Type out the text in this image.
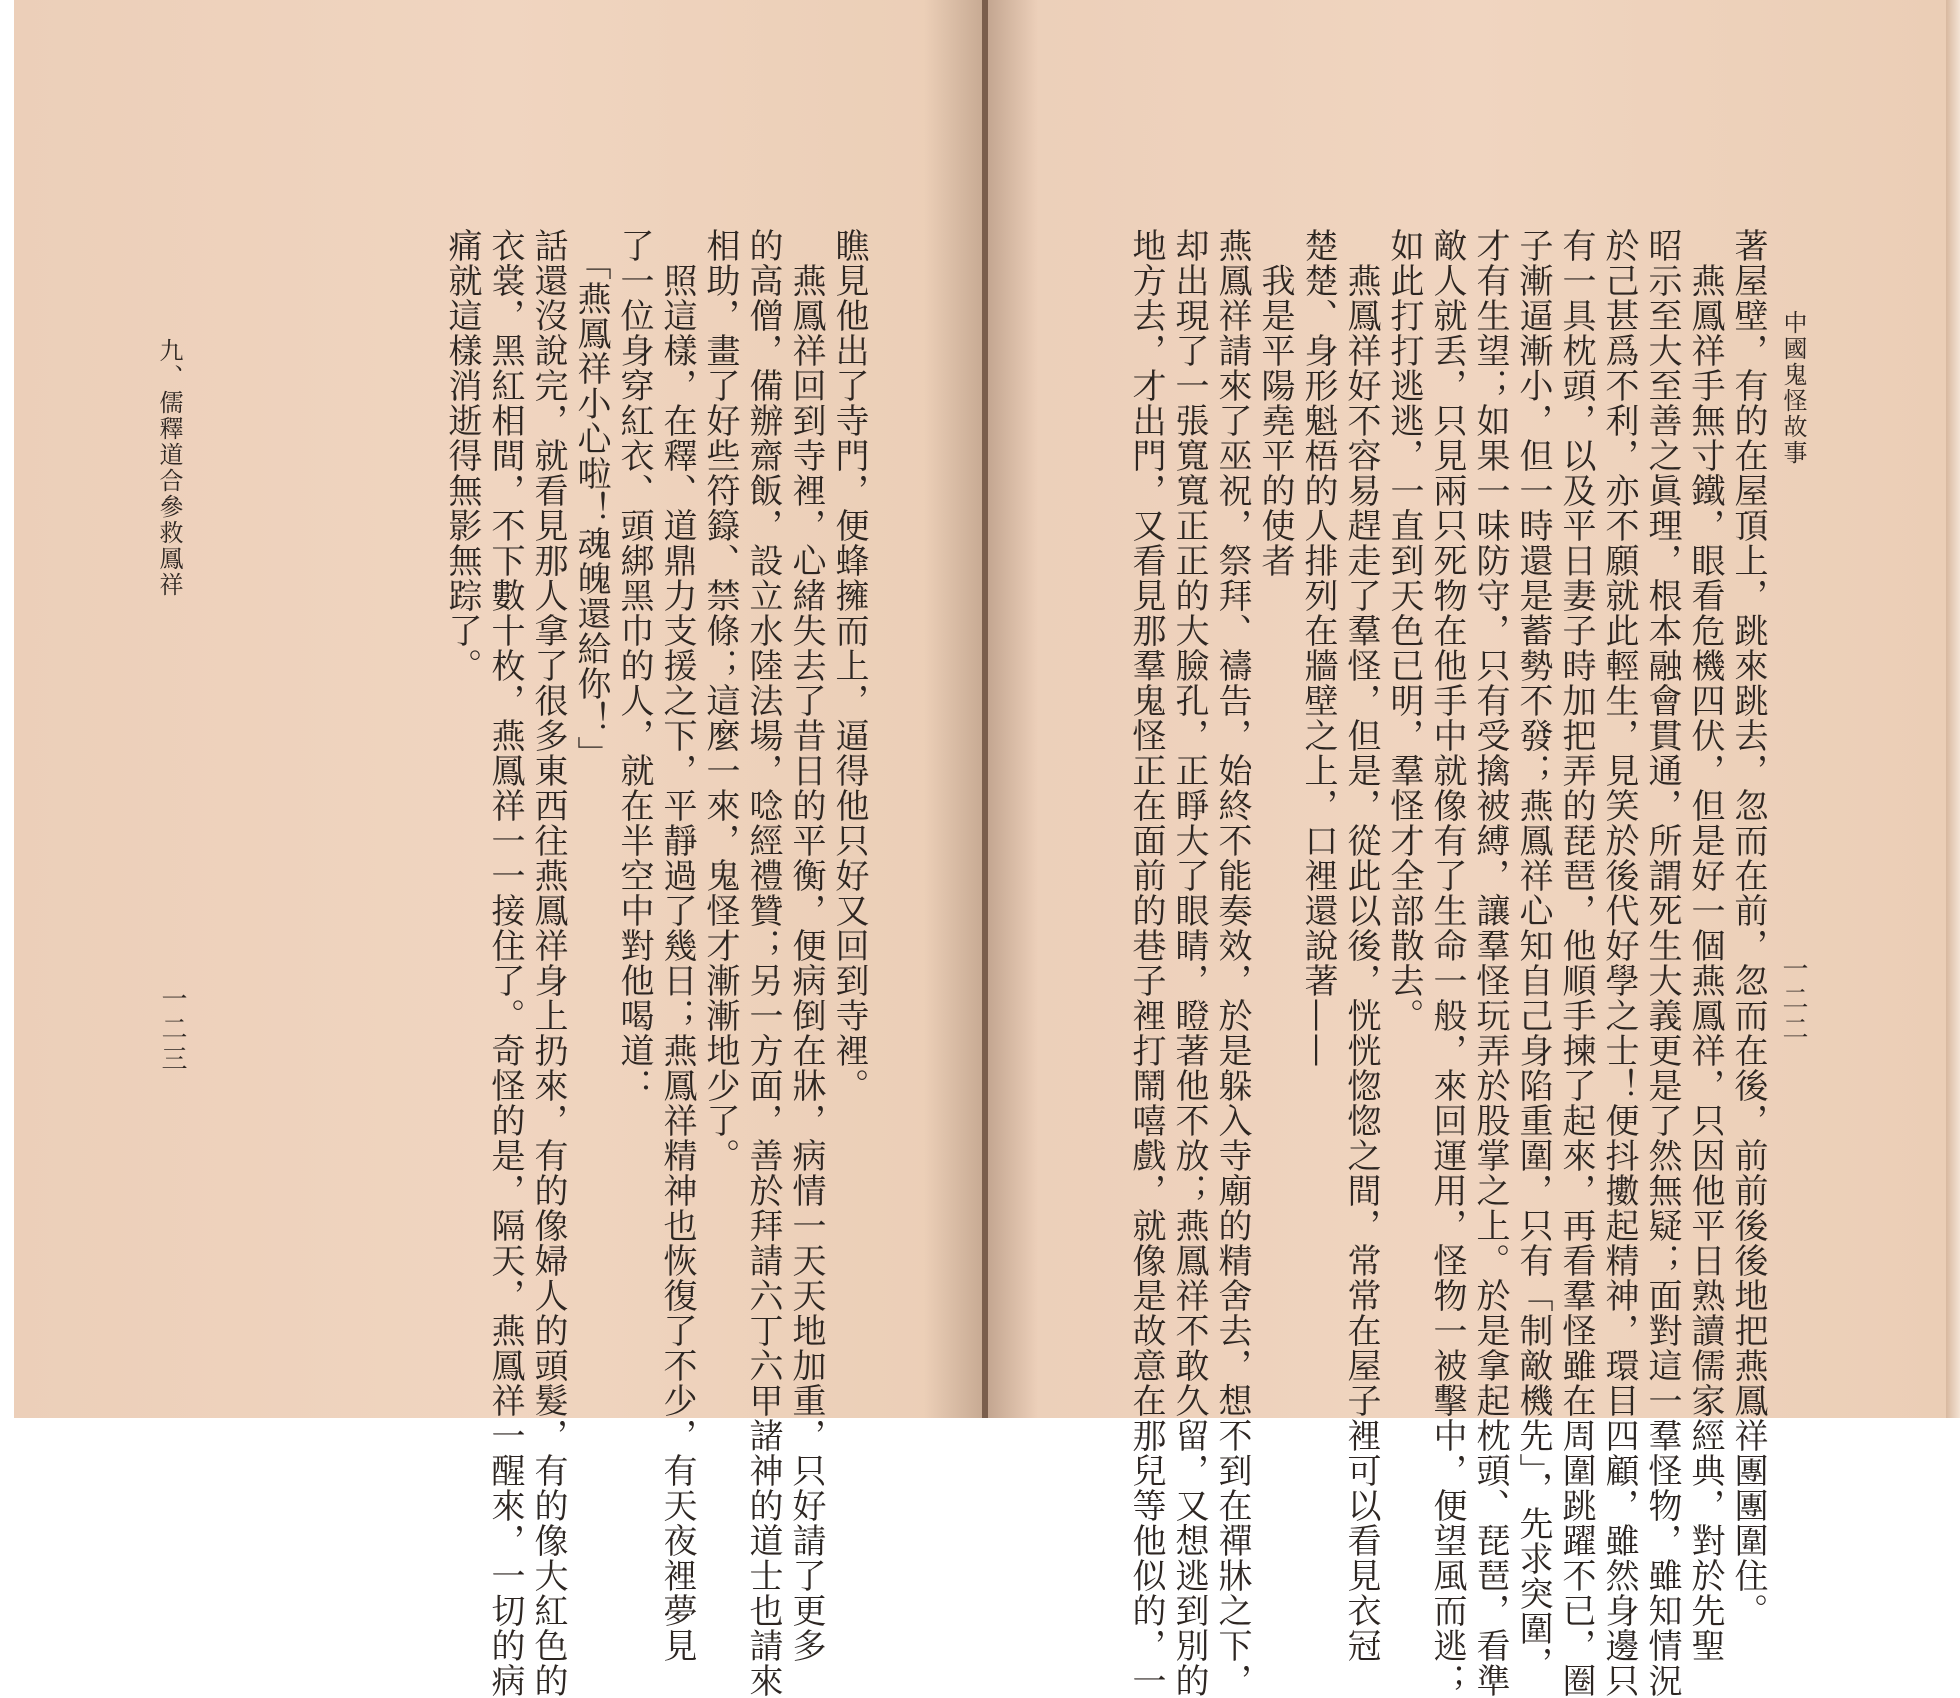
瞧見他出了寺門，便蜂擁而上，逼得他只好又回到寺裡。
　燕鳳祥回到寺裡，心緒失去了昔日的平衡，便病倒在牀，病情一天天地加重，只好請了更多
的高僧，備辦齋飯，設立水陸法場，唸經禮贊；另一方面，善於拜請六丁六甲諸神的道士也請來
相助，畫了好些符籙、禁條；這麼一來，鬼怪才漸漸地少了。
　照這樣，在釋、道鼎力支援之下，平靜過了幾日；燕鳳祥精神也恢復了不少，有天夜裡夢見
了一位身穿紅衣、頭綁黑巾的人，就在半空中對他喝道：
　「燕鳳祥小心啦！魂魄還給你！」
話還沒說完，就看見那人拿了很多東西往燕鳳祥身上扔來，有的像婦人的頭髮，有的像大紅色的
衣裳，黑紅相間，不下數十枚，燕鳳祥一一接住了。奇怪的是，隔天，燕鳳祥一醒來，一切的病
痛就這樣消逝得無影無踪了。
九、儒釋道合參救鳳祥
一二三
中國鬼怪故事
一二二
著屋壁，有的在屋頂上，跳來跳去，忽而在前，忽而在後，前前後後地把燕鳳祥團團圍住。
　燕鳳祥手無寸鐵，眼看危機四伏，但是好一個燕鳳祥，只因他平日熟讀儒家經典，對於先聖
昭示至大至善之眞理，根本融會貫通，所謂死生大義更是了然無疑；面對這一羣怪物，雖知情況
於己甚爲不利，亦不願就此輕生，見笑於後代好學之士！便抖擻起精神，環目四顧，雖然身邊只
有一具枕頭，以及平日妻子時加把弄的琵琶，他順手揀了起來，再看羣怪雖在周圍跳躍不已，圈
子漸逼漸小，但一時還是蓄勢不發；燕鳳祥心知自己身陷重圍，只有「制敵機先」，先求突圍，
才有生望；如果一味防守，只有受擒被縛，讓羣怪玩弄於股掌之上。於是拿起枕頭、琵琶，看準
敵人就丢，只見兩只死物在他手中就像有了生命一般，來回運用，怪物一被擊中，便望風而逃；
如此打打逃逃，一直到天色已明，羣怪才全部散去。
　燕鳳祥好不容易趕走了羣怪，但是，從此以後，恍恍惚惚之間，常常在屋子裡可以看見衣冠
楚楚、身形魁梧的人排列在牆壁之上，口裡還說著——
　我是平陽堯平的使者
燕鳳祥請來了巫祝，祭拜、禱告，始終不能奏效，於是躲入寺廟的精舍去，想不到在禪牀之下，
却出現了一張寬寬正正的大臉孔，正睜大了眼睛，瞪著他不放；燕鳳祥不敢久留，又想逃到別的
地方去，才出門，又看見那羣鬼怪正在面前的巷子裡打鬧嘻戲，就像是故意在那兒等他似的，一
